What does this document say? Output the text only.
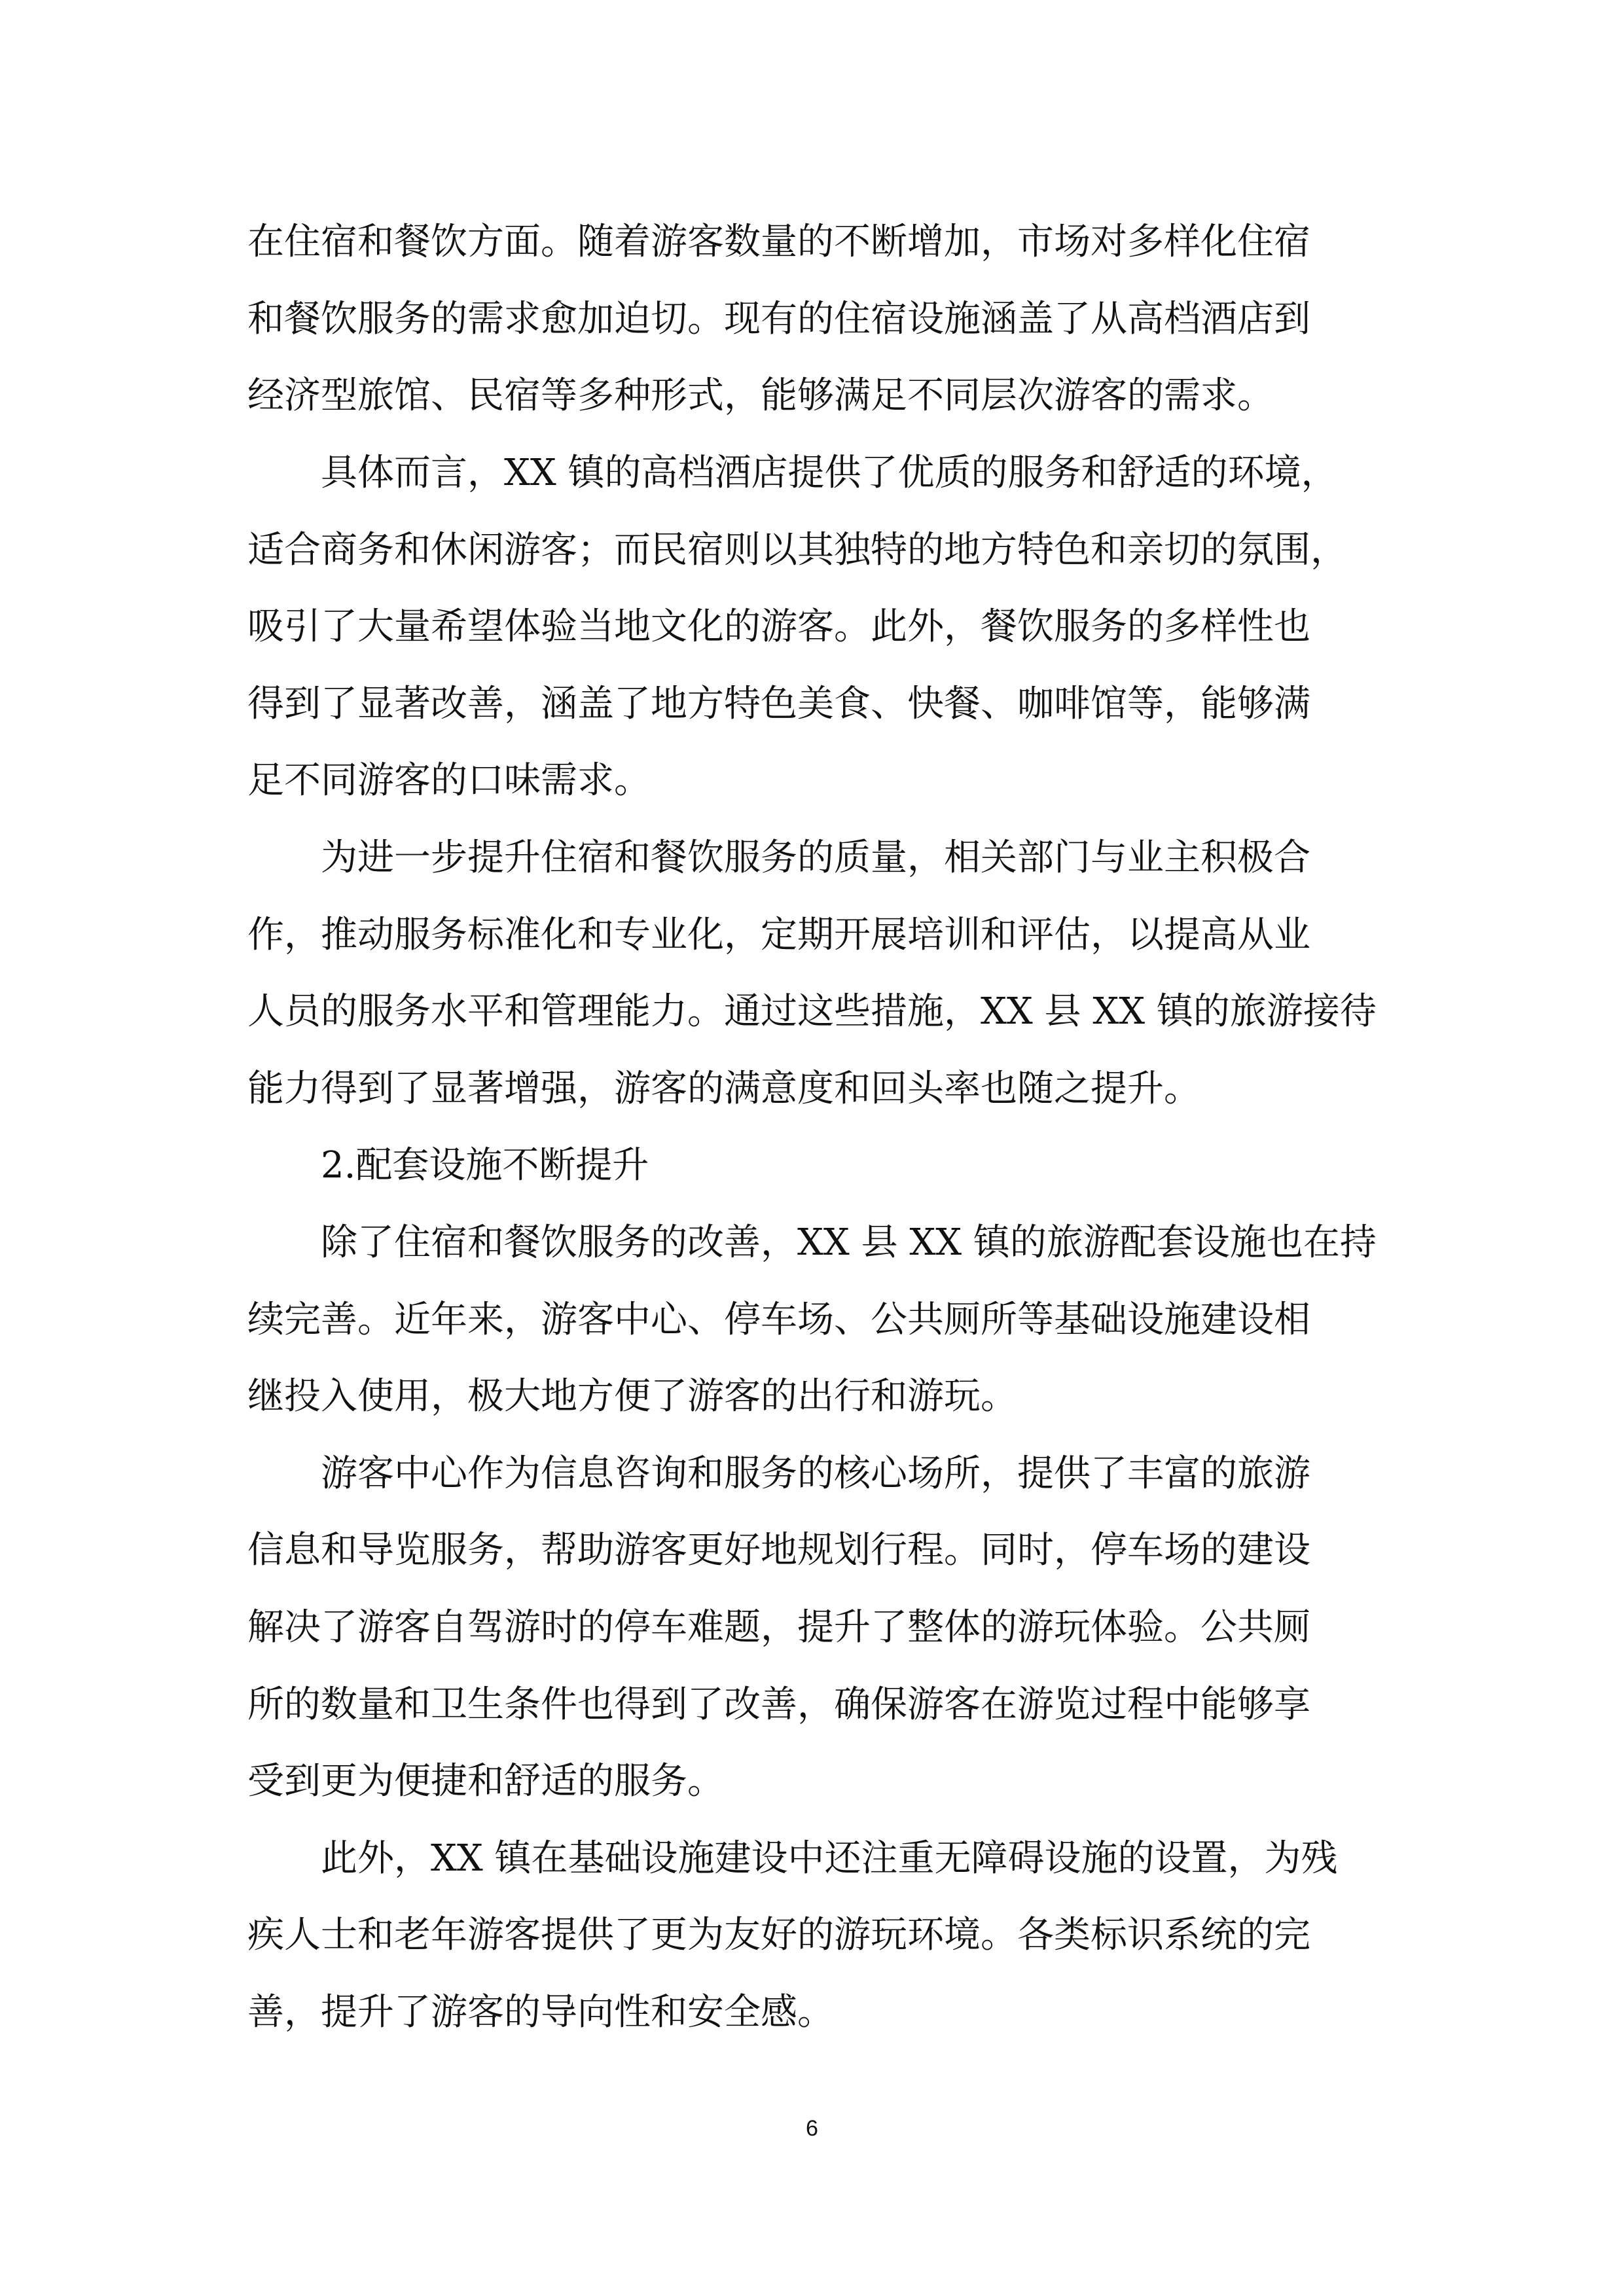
在住宿和餐饮方面。随着游客数量的不断增加，市场对多样化住宿

和餐饮服务的需求愈加迫切。现有的住宿设施涵盖了从高档酒店到

经济型旅馆、民宿等多种形式，能够满足不同层次游客的需求。

具体而言，XX 镇的高档酒店提供了优质的服务和舒适的环境，

适合商务和休闲游客；而民宿则以其独特的地方特色和亲切的氛围，

吸引了大量希望体验当地文化的游客。此外，餐饮服务的多样性也

得到了显著改善，涵盖了地方特色美食、快餐、咖啡馆等，能够满

足不同游客的口味需求。

为进一步提升住宿和餐饮服务的质量，相关部门与业主积极合

作，推动服务标准化和专业化，定期开展培训和评估，以提高从业

人员的服务水平和管理能力。通过这些措施，XX 县 XX 镇的旅游接待

能力得到了显著增强，游客的满意度和回头率也随之提升。

2.配套设施不断提升

除了住宿和餐饮服务的改善，XX 县 XX 镇的旅游配套设施也在持

续完善。近年来，游客中心、停车场、公共厕所等基础设施建设相

继投入使用，极大地方便了游客的出行和游玩。

游客中心作为信息咨询和服务的核心场所，提供了丰富的旅游

信息和导览服务，帮助游客更好地规划行程。同时，停车场的建设

解决了游客自驾游时的停车难题，提升了整体的游玩体验。公共厕

所的数量和卫生条件也得到了改善，确保游客在游览过程中能够享

受到更为便捷和舒适的服务。

此外，XX 镇在基础设施建设中还注重无障碍设施的设置，为残

疾人士和老年游客提供了更为友好的游玩环境。各类标识系统的完

善，提升了游客的导向性和安全感。

6
